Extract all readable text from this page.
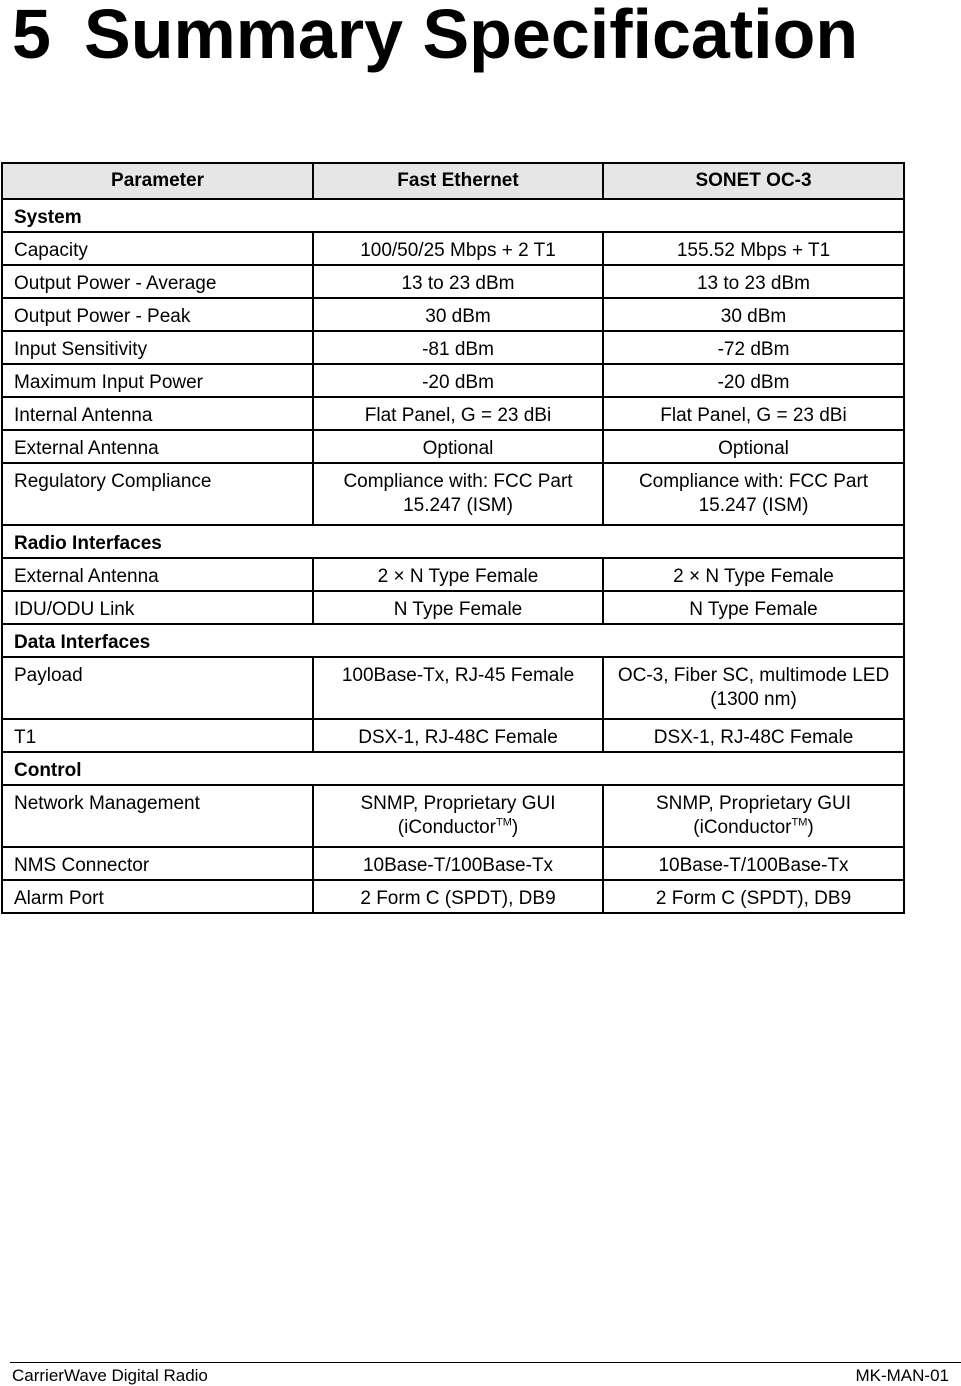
5 Summary Specification
Parameter	Fast Ethernet	SONET OC-3
System		
Capacity	100/50/25 Mbps + 2 T1	155.52 Mbps + T1
Output Power - Average	13 to 23 dBm	13 to 23 dBm
Output Power - Peak	30 dBm	30 dBm
Input Sensitivity	-81 dBm	-72 dBm
Maximum Input Power	-20 dBm	-20 dBm
Internal Antenna	Flat Panel, G = 23 dBi	Flat Panel, G = 23 dBi
External Antenna	Optional	Optional
Regulatory Compliance	Compliance with: FCC Part 15.247 (ISM)	Compliance with: FCC Part 15.247 (ISM)
Radio Interfaces		
External Antenna	2 × N Type Female	2 × N Type Female
IDU/ODU Link	N Type Female	N Type Female
Data Interfaces		
Payload	100Base-Tx, RJ-45 Female	OC-3, Fiber SC, multimode LED (1300 nm)
T1	DSX-1, RJ-48C Female	DSX-1, RJ-48C Female
Control		
Network Management	SNMP, Proprietary GUI (iConductor™)	SNMP, Proprietary GUI (iConductor™)
NMS Connector	10Base-T/100Base-Tx	10Base-T/100Base-Tx
Alarm Port	2 Form C (SPDT), DB9	2 Form C (SPDT), DB9
CarrierWave Digital Radio	MK-MAN-01
